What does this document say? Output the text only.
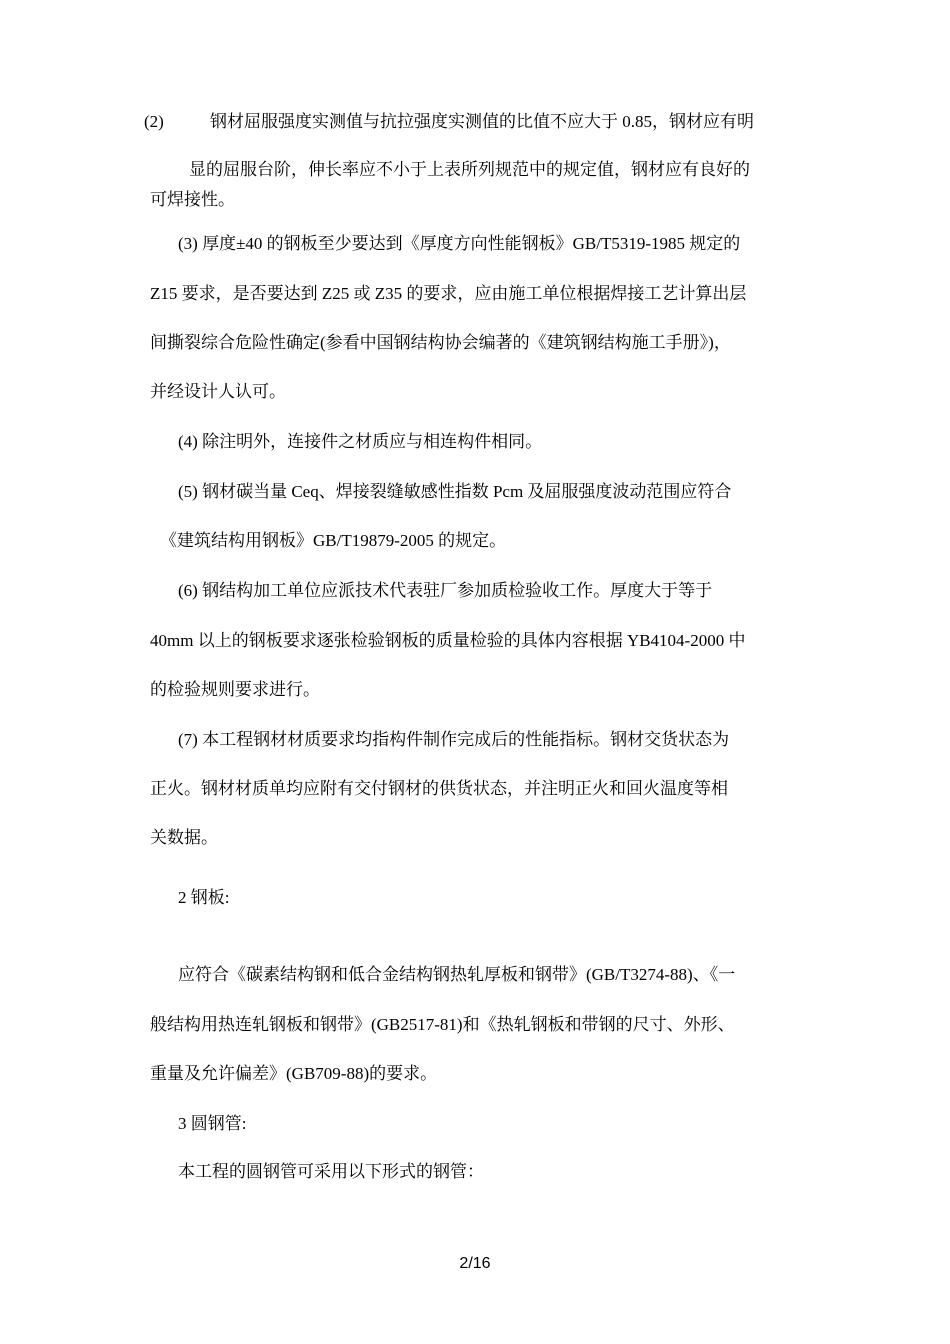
(2)	钢材屈服强度实测值与抗拉强度实测值的比值不应大于 0.85，钢材应有明
显的屈服台阶，伸长率应不小于上表所列规范中的规定值，钢材应有良好的
可焊接性。
(3) 厚度±40 的钢板至少要达到《厚度方向性能钢板》GB/T5319-1985 规定的
Z15 要求，是否要达到 Z25 或 Z35 的要求，应由施工单位根据焊接工艺计算出层
间撕裂综合危险性确定(参看中国钢结构协会编著的《建筑钢结构施工手册》)，
并经设计人认可。
(4) 除注明外，连接件之材质应与相连构件相同。
(5) 钢材碳当量 Ceq、焊接裂缝敏感性指数 Pcm 及屈服强度波动范围应符合
《建筑结构用钢板》GB/T19879-2005 的规定。
(6) 钢结构加工单位应派技术代表驻厂参加质检验收工作。厚度大于等于
40mm 以上的钢板要求逐张检验钢板的质量检验的具体内容根据 YB4104-2000 中
的检验规则要求进行。
(7) 本工程钢材材质要求均指构件制作完成后的性能指标。钢材交货状态为
正火。钢材材质单均应附有交付钢材的供货状态，并注明正火和回火温度等相
关数据。
2 钢板:
应符合《碳素结构钢和低合金结构钢热轧厚板和钢带》(GB/T3274-88)、《一
般结构用热连轧钢板和钢带》(GB2517-81)和《热轧钢板和带钢的尺寸、外形、
重量及允许偏差》(GB709-88)的要求。
3 圆钢管:
本工程的圆钢管可采用以下形式的钢管：
2/16
